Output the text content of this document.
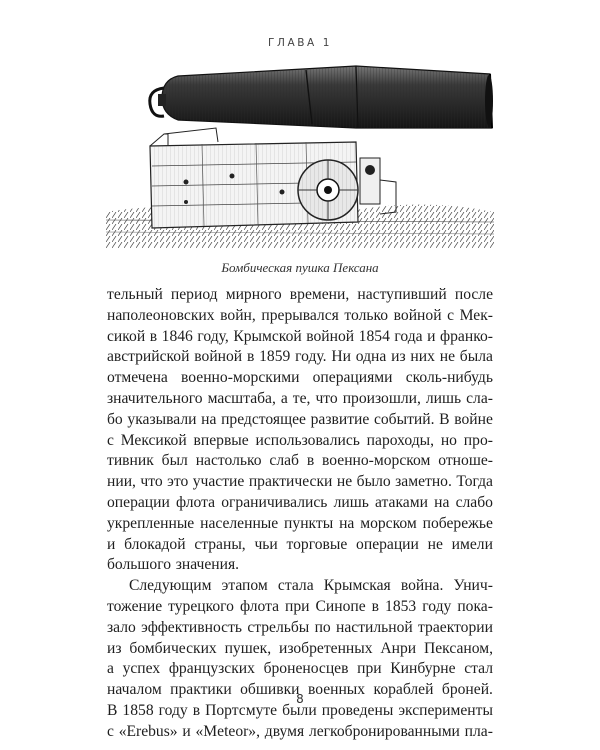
ГЛАВА 1
Бомбическая пушка Пексана
тельный период мирного времени, наступивший после
наполеоновских войн, прерывался только войной с Мек-
сикой в 1846 году, Крымской войной 1854 года и франко-
австрийской войной в 1859 году. Ни одна из них не была
отмечена военно-морскими операциями сколь-нибудь
значительного масштаба, а те, что произошли, лишь сла-
бо указывали на предстоящее развитие событий. В войне
с Мексикой впервые использовались пароходы, но про-
тивник был настолько слаб в военно-морском отноше-
нии, что это участие практически не было заметно. Тогда
операции флота ограничивались лишь атаками на слабо
укрепленные населенные пункты на морском побережье
и блокадой страны, чьи торговые операции не имели
большого значения.
Следующим этапом стала Крымская война. Унич-
тожение турецкого флота при Синопе в 1853 году пока-
зало эффективность стрельбы по настильной траектории
из бомбических пушек, изобретенных Анри Пексаном,
а успех французских броненосцев при Кинбурне стал
началом практики обшивки военных кораблей броней.
В 1858 году в Портсмуте были проведены эксперименты
с «Erebus» и «Meteor», двумя легкобронированными пла-
8
